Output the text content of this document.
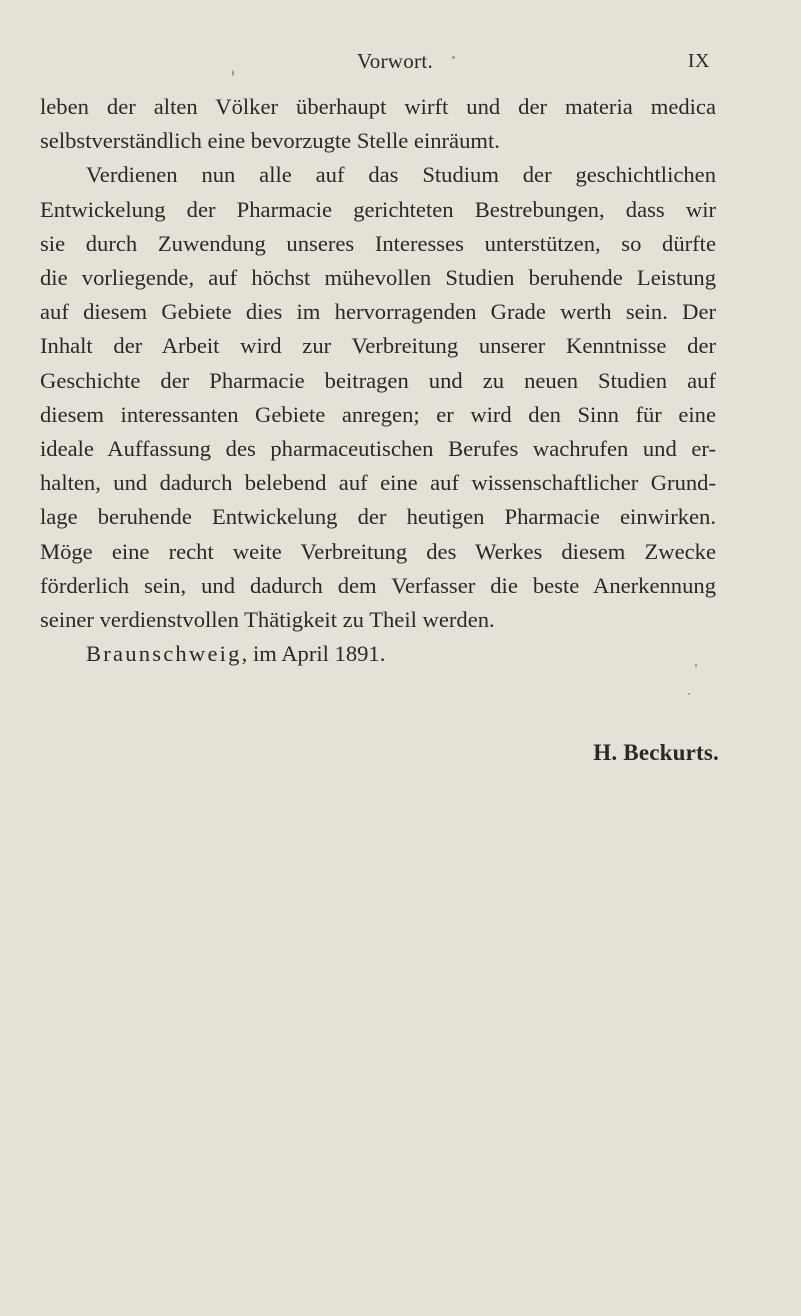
Vorwort.	IX

leben der alten Völker überhaupt wirft und der materia medica
selbstverständlich eine bevorzugte Stelle einräumt.

Verdienen nun alle auf das Studium der geschichtlichen
Entwickelung der Pharmacie gerichteten Bestrebungen, dass wir
sie durch Zuwendung unseres Interesses unterstützen, so dürfte
die vorliegende, auf höchst mühevollen Studien beruhende Leistung
auf diesem Gebiete dies im hervorragenden Grade werth sein. Der
Inhalt der Arbeit wird zur Verbreitung unserer Kenntnisse der
Geschichte der Pharmacie beitragen und zu neuen Studien auf
diesem interessanten Gebiete anregen; er wird den Sinn für eine
ideale Auffassung des pharmaceutischen Berufes wachrufen und er-
halten, und dadurch belebend auf eine auf wissenschaftlicher Grund-
lage beruhende Entwickelung der heutigen Pharmacie einwirken.
Möge eine recht weite Verbreitung des Werkes diesem Zwecke
förderlich sein, und dadurch dem Verfasser die beste Anerkennung
seiner verdienstvollen Thätigkeit zu Theil werden.

Braunschweig, im April 1891.

H. Beckurts.
